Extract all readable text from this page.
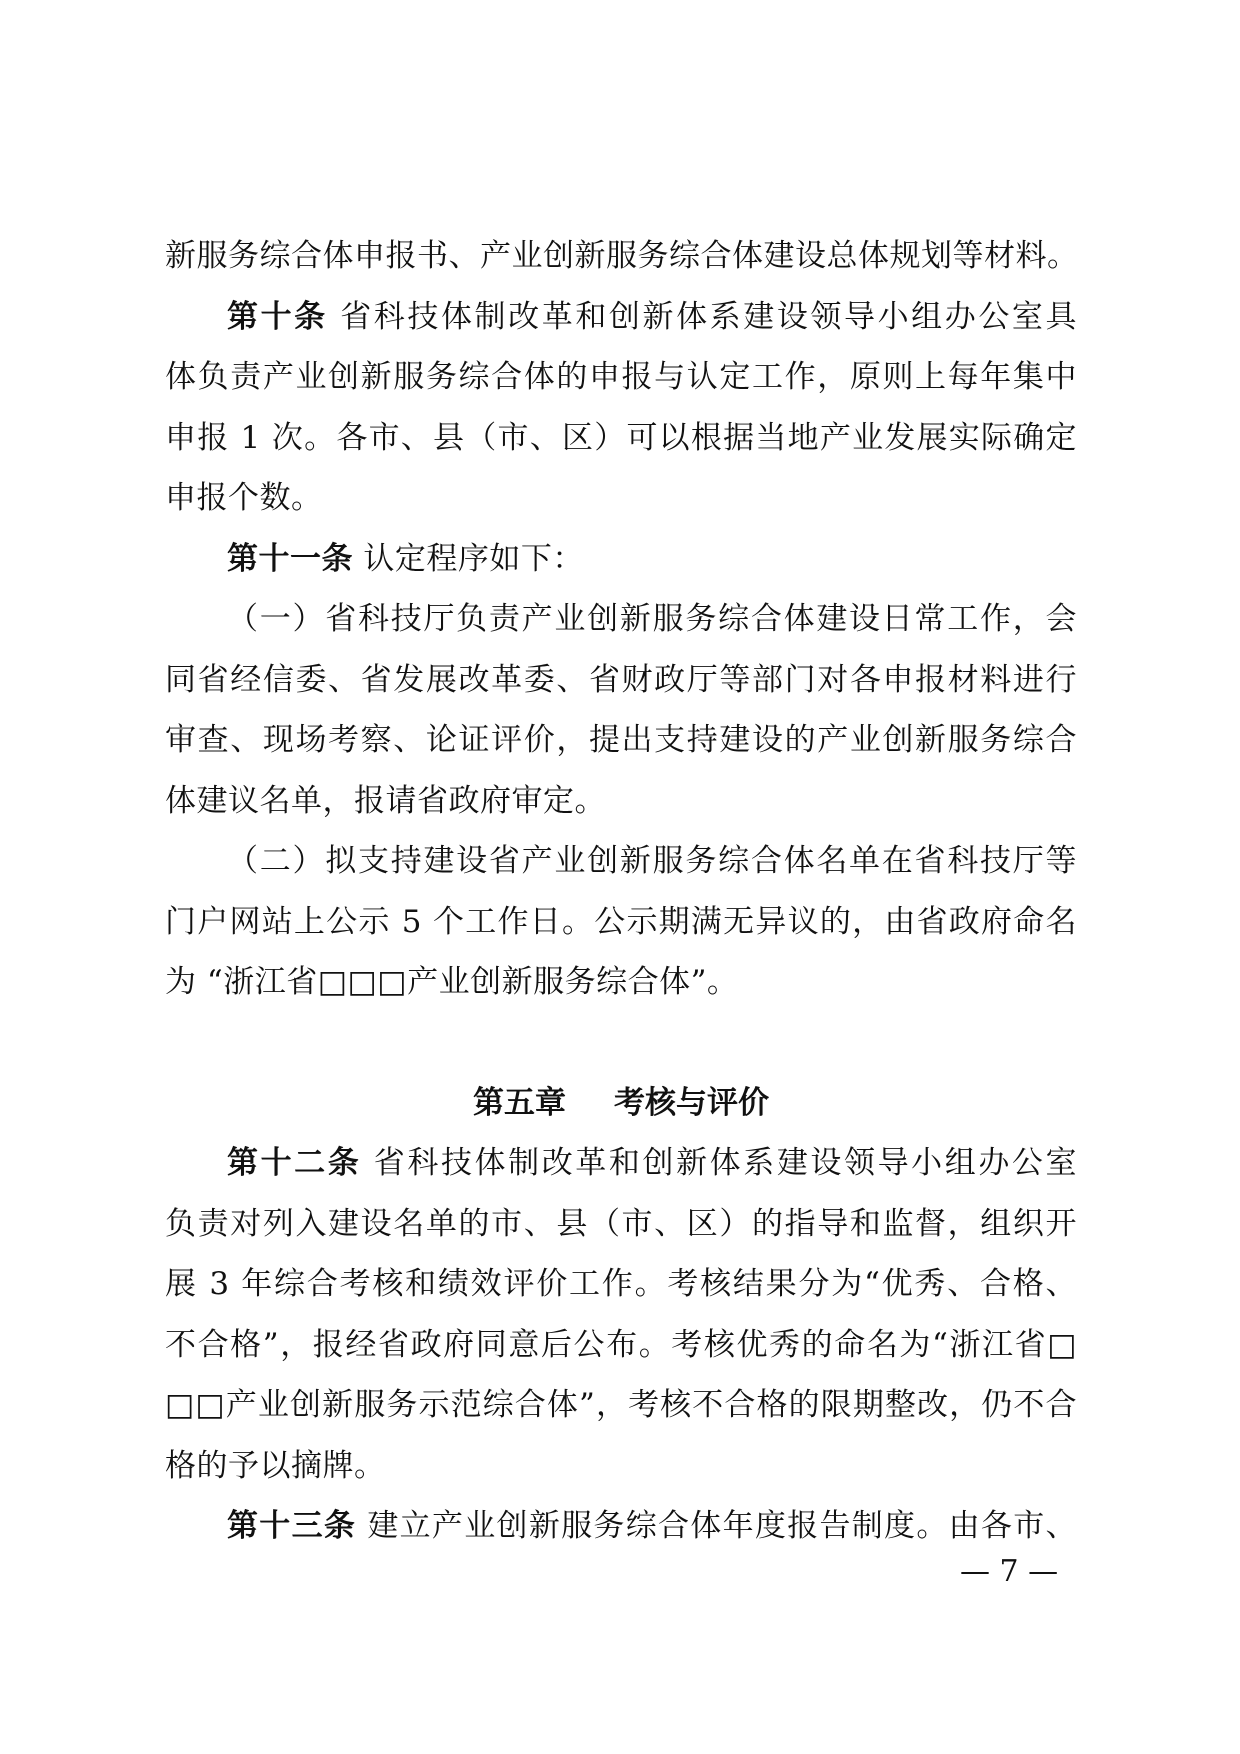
新服务综合体申报书、产业创新服务综合体建设总体规划等材料。
第十条 省科技体制改革和创新体系建设领导小组办公室具
体负责产业创新服务综合体的申报与认定工作，原则上每年集中
申报 1 次。各市、县（市、区）可以根据当地产业发展实际确定
申报个数。
第十一条 认定程序如下：
（一）省科技厅负责产业创新服务综合体建设日常工作，会
同省经信委、省发展改革委、省财政厅等部门对各申报材料进行
审查、现场考察、论证评价，提出支持建设的产业创新服务综合
体建议名单，报请省政府审定。
（二）拟支持建设省产业创新服务综合体名单在省科技厅等
门户网站上公示 5 个工作日。公示期满无异议的，由省政府命名
为 “浙江省□□□产业创新服务综合体”。
第五章 考核与评价
第十二条 省科技体制改革和创新体系建设领导小组办公室
负责对列入建设名单的市、县（市、区）的指导和监督，组织开
展 3 年综合考核和绩效评价工作。考核结果分为“优秀、合格、
不合格”，报经省政府同意后公布。考核优秀的命名为“浙江省□
□□产业创新服务示范综合体”，考核不合格的限期整改，仍不合
格的予以摘牌。
第十三条 建立产业创新服务综合体年度报告制度。由各市、
— 7 —
